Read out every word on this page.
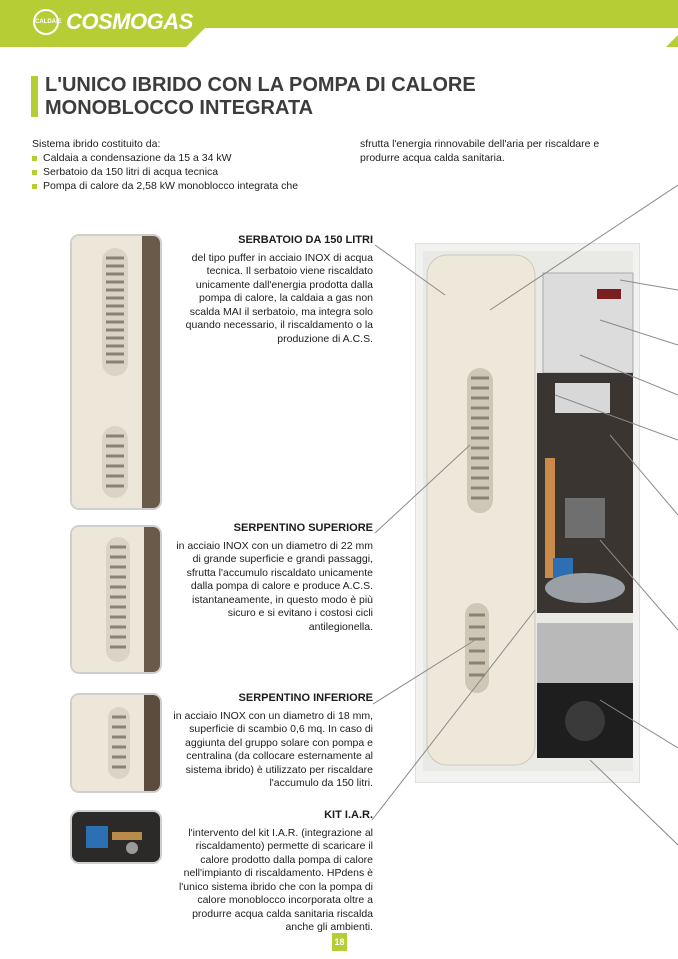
CALDAIE COSMOGAS
L'UNICO IBRIDO CON LA POMPA DI CALORE
MONOBLOCCO INTEGRATA
Sistema ibrido costituito da:
Caldaia a condensazione da 15 a 34 kW
Serbatoio da 150 litri di acqua tecnica
Pompa di calore da 2,58 kW monoblocco integrata che
sfrutta l'energia rinnovabile dell'aria per riscaldare e produrre acqua calda sanitaria.
SERBATOIO DA 150 LITRI
del tipo puffer in acciaio INOX di acqua tecnica. Il serbatoio viene riscaldato unicamente dall'energia prodotta dalla pompa di calore, la caldaia a gas non scalda MAI il serbatoio, ma integra solo quando necessario, il riscaldamento o la produzione di A.C.S.
SERPENTINO SUPERIORE
in acciaio INOX con un diametro di 22 mm di grande superficie e grandi passaggi, sfrutta l'accumulo riscaldato unicamente dalla pompa di calore e produce A.C.S. istantaneamente, in questo modo è più sicuro e si evitano i costosi cicli antilegionella.
SERPENTINO INFERIORE
in acciaio INOX con un diametro di 18 mm, superficie di scambio 0,6 mq. In caso di aggiunta del gruppo solare con pompa e centralina (da collocare esternamente al sistema ibrido) è utilizzato per riscaldare l'accumulo da 150 litri.
KIT I.A.R.
l'intervento del kit I.A.R. (integrazione al riscaldamento) permette di scaricare il calore prodotto dalla pompa di calore nell'impianto di riscaldamento. HPdens è l'unico sistema ibrido che con la pompa di calore monoblocco incorporata oltre a produrre acqua calda sanitaria riscalda anche gli ambienti.
18
